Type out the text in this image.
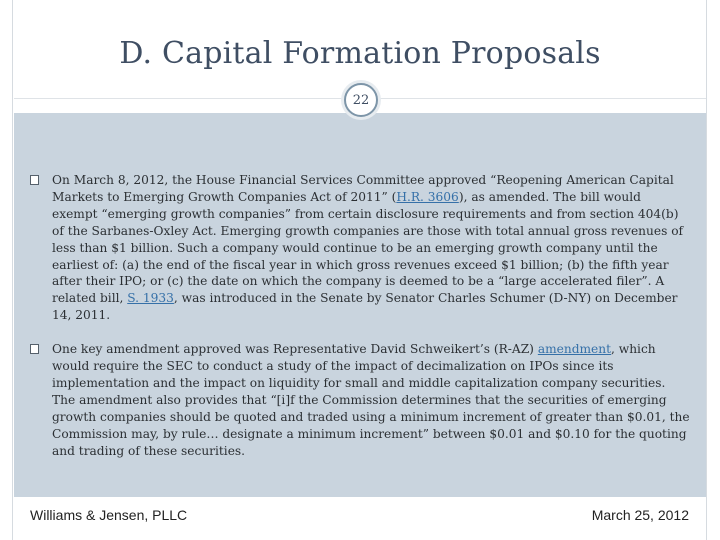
D. Capital Formation Proposals
22
On March 8, 2012, the House Financial Services Committee approved “Reopening American Capital Markets to Emerging Growth Companies Act of 2011” (H.R. 3606), as amended. The bill would exempt “emerging growth companies” from certain disclosure requirements and from section 404(b) of the Sarbanes-Oxley Act. Emerging growth companies are those with total annual gross revenues of less than $1 billion. Such a company would continue to be an emerging growth company until the earliest of: (a) the end of the fiscal year in which gross revenues exceed $1 billion; (b) the fifth year after their IPO; or (c) the date on which the company is deemed to be a “large accelerated filer”. A related bill, S. 1933, was introduced in the Senate by Senator Charles Schumer (D-NY) on December 14, 2011.
One key amendment approved was Representative David Schweikert’s (R-AZ) amendment, which would require the SEC to conduct a study of the impact of decimalization on IPOs since its implementation and the impact on liquidity for small and middle capitalization company securities. The amendment also provides that “[i]f the Commission determines that the securities of emerging growth companies should be quoted and traded using a minimum increment of greater than $0.01, the Commission may, by rule… designate a minimum increment” between $0.01 and $0.10 for the quoting and trading of these securities.
Williams & Jensen, PLLC	March 25, 2012
